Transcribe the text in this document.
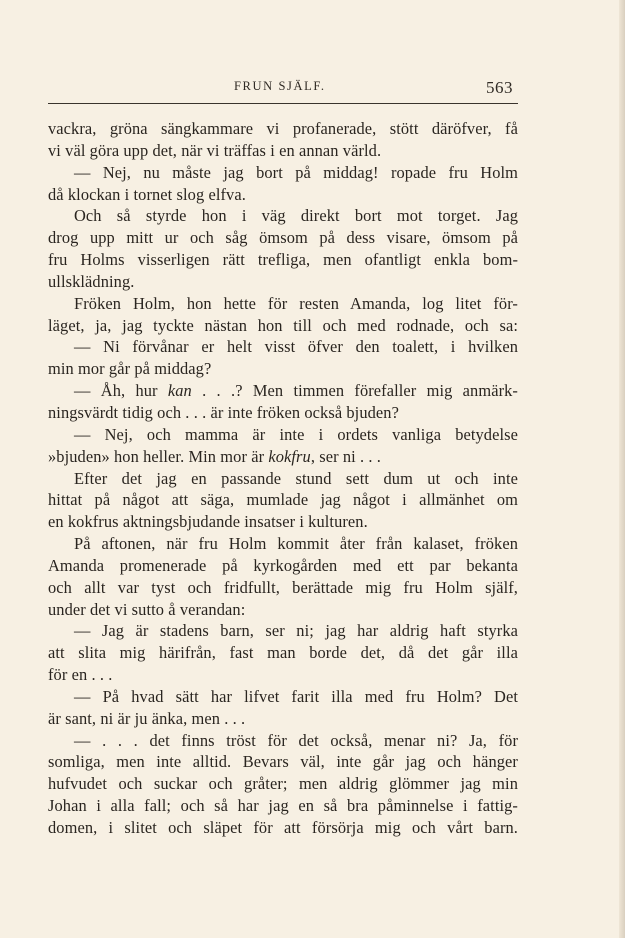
FRUN SJÄLF.	563
vackra, gröna sängkammare vi profanerade, stött däröfver, få
vi väl göra upp det, när vi träffas i en annan värld.
— Nej, nu måste jag bort på middag! ropade fru Holm
då klockan i tornet slog elfva.
Och så styrde hon i väg direkt bort mot torget. Jag
drog upp mitt ur och såg ömsom på dess visare, ömsom på
fru Holms visserligen rätt trefliga, men ofantligt enkla bom-
ullsklädning.
Fröken Holm, hon hette för resten Amanda, log litet för-
läget, ja, jag tyckte nästan hon till och med rodnade, och sa:
— Ni förvånar er helt visst öfver den toalett, i hvilken
min mor går på middag?
— Åh, hur kan . . .? Men timmen förefaller mig anmärk-
ningsvärdt tidig och . . . är inte fröken också bjuden?
— Nej, och mamma är inte i ordets vanliga betydelse
»bjuden» hon heller. Min mor är kokfru, ser ni . . .
Efter det jag en passande stund sett dum ut och inte
hittat på något att säga, mumlade jag något i allmänhet om
en kokfrus aktningsbjudande insatser i kulturen.
På aftonen, när fru Holm kommit åter från kalaset, fröken
Amanda promenerade på kyrkogården med ett par bekanta
och allt var tyst och fridfullt, berättade mig fru Holm själf,
under det vi sutto å verandan:
— Jag är stadens barn, ser ni; jag har aldrig haft styrka
att slita mig härifrån, fast man borde det, då det går illa
för en . . .
— På hvad sätt har lifvet farit illa med fru Holm? Det
är sant, ni är ju änka, men . . .
— . . . det finns tröst för det också, menar ni? Ja, för
somliga, men inte alltid. Bevars väl, inte går jag och hänger
hufvudet och suckar och gråter; men aldrig glömmer jag min
Johan i alla fall; och så har jag en så bra påminnelse i fattig-
domen, i slitet och släpet för att försörja mig och vårt barn.
